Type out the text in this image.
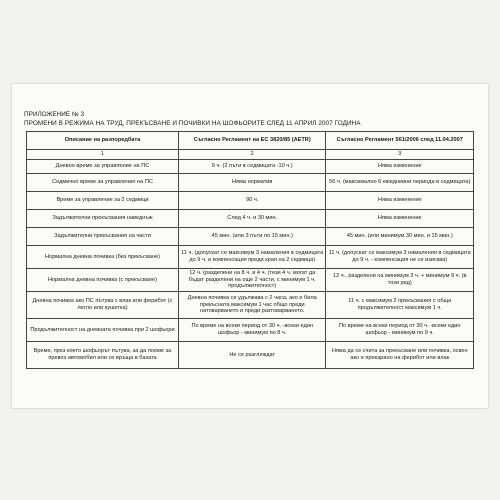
ПРИЛОЖЕНИЕ № 3
ПРОМЕНИ В РЕЖИМА НА ТРУД, ПРЕКЪСВАНЕ И ПОЧИВКИ НА ШОФЬОРИТЕ СЛЕД 11 АПРИЛ 2007 ГОДИНА
Описание на разпоредбата	Съгласно Регламент на ЕС 3820/85 (AETR)	Съгласно Регламент 561/2006 след 11.04.2007
1	2	3
Дневно време за управление на ПС	9 ч. (2 пъти в седмицата -10 ч.)	Няма изменение
Седмично време за управление на ПС	Няма норматив	56 ч. (максимално 6 ежедневни периода в седмицата)
Време за управление за 2 седмици	90 ч.	Няма изменение
Задължителни прекъсвания наведнъж	След 4 ч. и 30 мин.	Няма изменение
Задължителни прекъсвания на части	45 мин. (или 3 пъти по 15 мин.)	45 мин. (или минимум 30 мин. и 15 мин.)
Нормална дневна почивка (без прекъсване)	11 ч. (допускат се максимум 3 намаления в седмицата до 9 ч. и компенсация преди края на 2 седмица)	11 ч. (допускат се максимум 3 намаления в седмицата до 9 ч. - компенсация не се изисква)
Нормална дневна почивка (с прекъсване)	12 ч. (разделени на 8 ч. и 4 ч. (тези 4 ч. могат да бъдат разделени на още 2 части, с минимум 1 ч. продължителност)	12 ч., разделени на минимум 3 ч. + минимум 9 ч. (в този ред)
Дневна почивка ако ПС пътува с влак или ферибот (с легло или кушетка)	Дневна почивка се удължава с 2 часа, ако е била прекъсната максимум 1 час общо преди натоварването и преди разтоварването.	11 ч. с максимум 2 прекъсвания с обща продължителност максимум 1 ч.
Продължителност на дневната почивка при 2 шофьори	По време на всеки период от 30 ч. -всеки един шофьор - минимум по 8 ч.	По време на всеки период от 30 ч. -всеки един шофьор - минимум по 9 ч.
Време, през което шофьорът пътува, за да поеме за превоз автомобил или се връща в базата	Не се разглеждат	Няма да се счита за прекъсване или почивка, освен ако е прекарано на ферибот или влак
